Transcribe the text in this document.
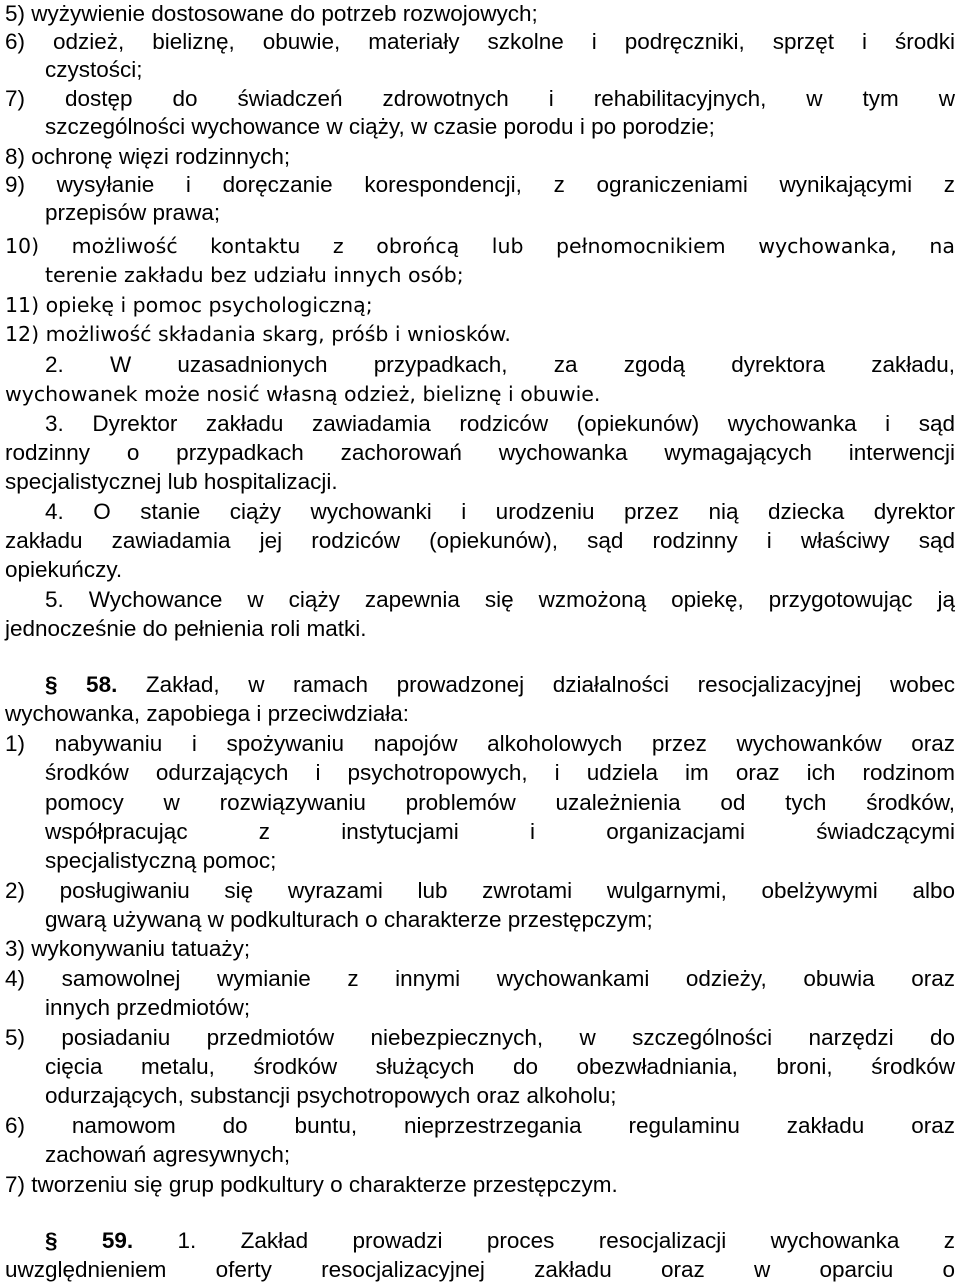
5) wyżywienie dostosowane do potrzeb rozwojowych;
6) odzież, bieliznę, obuwie, materiały szkolne i podręczniki, sprzęt i środki
czystości;
7) dostęp do świadczeń zdrowotnych i rehabilitacyjnych, w tym w
szczególności wychowance w ciąży, w czasie porodu i po porodzie;
8) ochronę więzi rodzinnych;
9) wysyłanie i doręczanie korespondencji, z ograniczeniami wynikającymi z
przepisów prawa;
10) możliwość kontaktu z obrońcą lub pełnomocnikiem wychowanka, na
terenie zakładu bez udziału innych osób;
11) opiekę i pomoc psychologiczną;
12) możliwość składania skarg, próśb i wniosków.
2. W uzasadnionych przypadkach, za zgodą dyrektora zakładu,
wychowanek może nosić własną odzież, bieliznę i obuwie.
3. Dyrektor zakładu zawiadamia rodziców (opiekunów) wychowanka i sąd
rodzinny o przypadkach zachorowań wychowanka wymagających interwencji
specjalistycznej lub hospitalizacji.
4. O stanie ciąży wychowanki i urodzeniu przez nią dziecka dyrektor
zakładu zawiadamia jej rodziców (opiekunów), sąd rodzinny i właściwy sąd
opiekuńczy.
5. Wychowance w ciąży zapewnia się wzmożoną opiekę, przygotowując ją
jednocześnie do pełnienia roli matki.
§ 58. Zakład, w ramach prowadzonej działalności resocjalizacyjnej wobec
wychowanka, zapobiega i przeciwdziała:
1) nabywaniu i spożywaniu napojów alkoholowych przez wychowanków oraz
środków odurzających i psychotropowych, i udziela im oraz ich rodzinom
pomocy w rozwiązywaniu problemów uzależnienia od tych środków,
współpracując z instytucjami i organizacjami świadczącymi
specjalistyczną pomoc;
2) posługiwaniu się wyrazami lub zwrotami wulgarnymi, obelżywymi albo
gwarą używaną w podkulturach o charakterze przestępczym;
3) wykonywaniu tatuaży;
4) samowolnej wymianie z innymi wychowankami odzieży, obuwia oraz
innych przedmiotów;
5) posiadaniu przedmiotów niebezpiecznych, w szczególności narzędzi do
cięcia metalu, środków służących do obezwładniania, broni, środków
odurzających, substancji psychotropowych oraz alkoholu;
6) namowom do buntu, nieprzestrzegania regulaminu zakładu oraz
zachowań agresywnych;
7) tworzeniu się grup podkultury o charakterze przestępczym.
§ 59. 1. Zakład prowadzi proces resocjalizacji wychowanka z
uwzględnieniem oferty resocjalizacyjnej zakładu oraz w oparciu o
